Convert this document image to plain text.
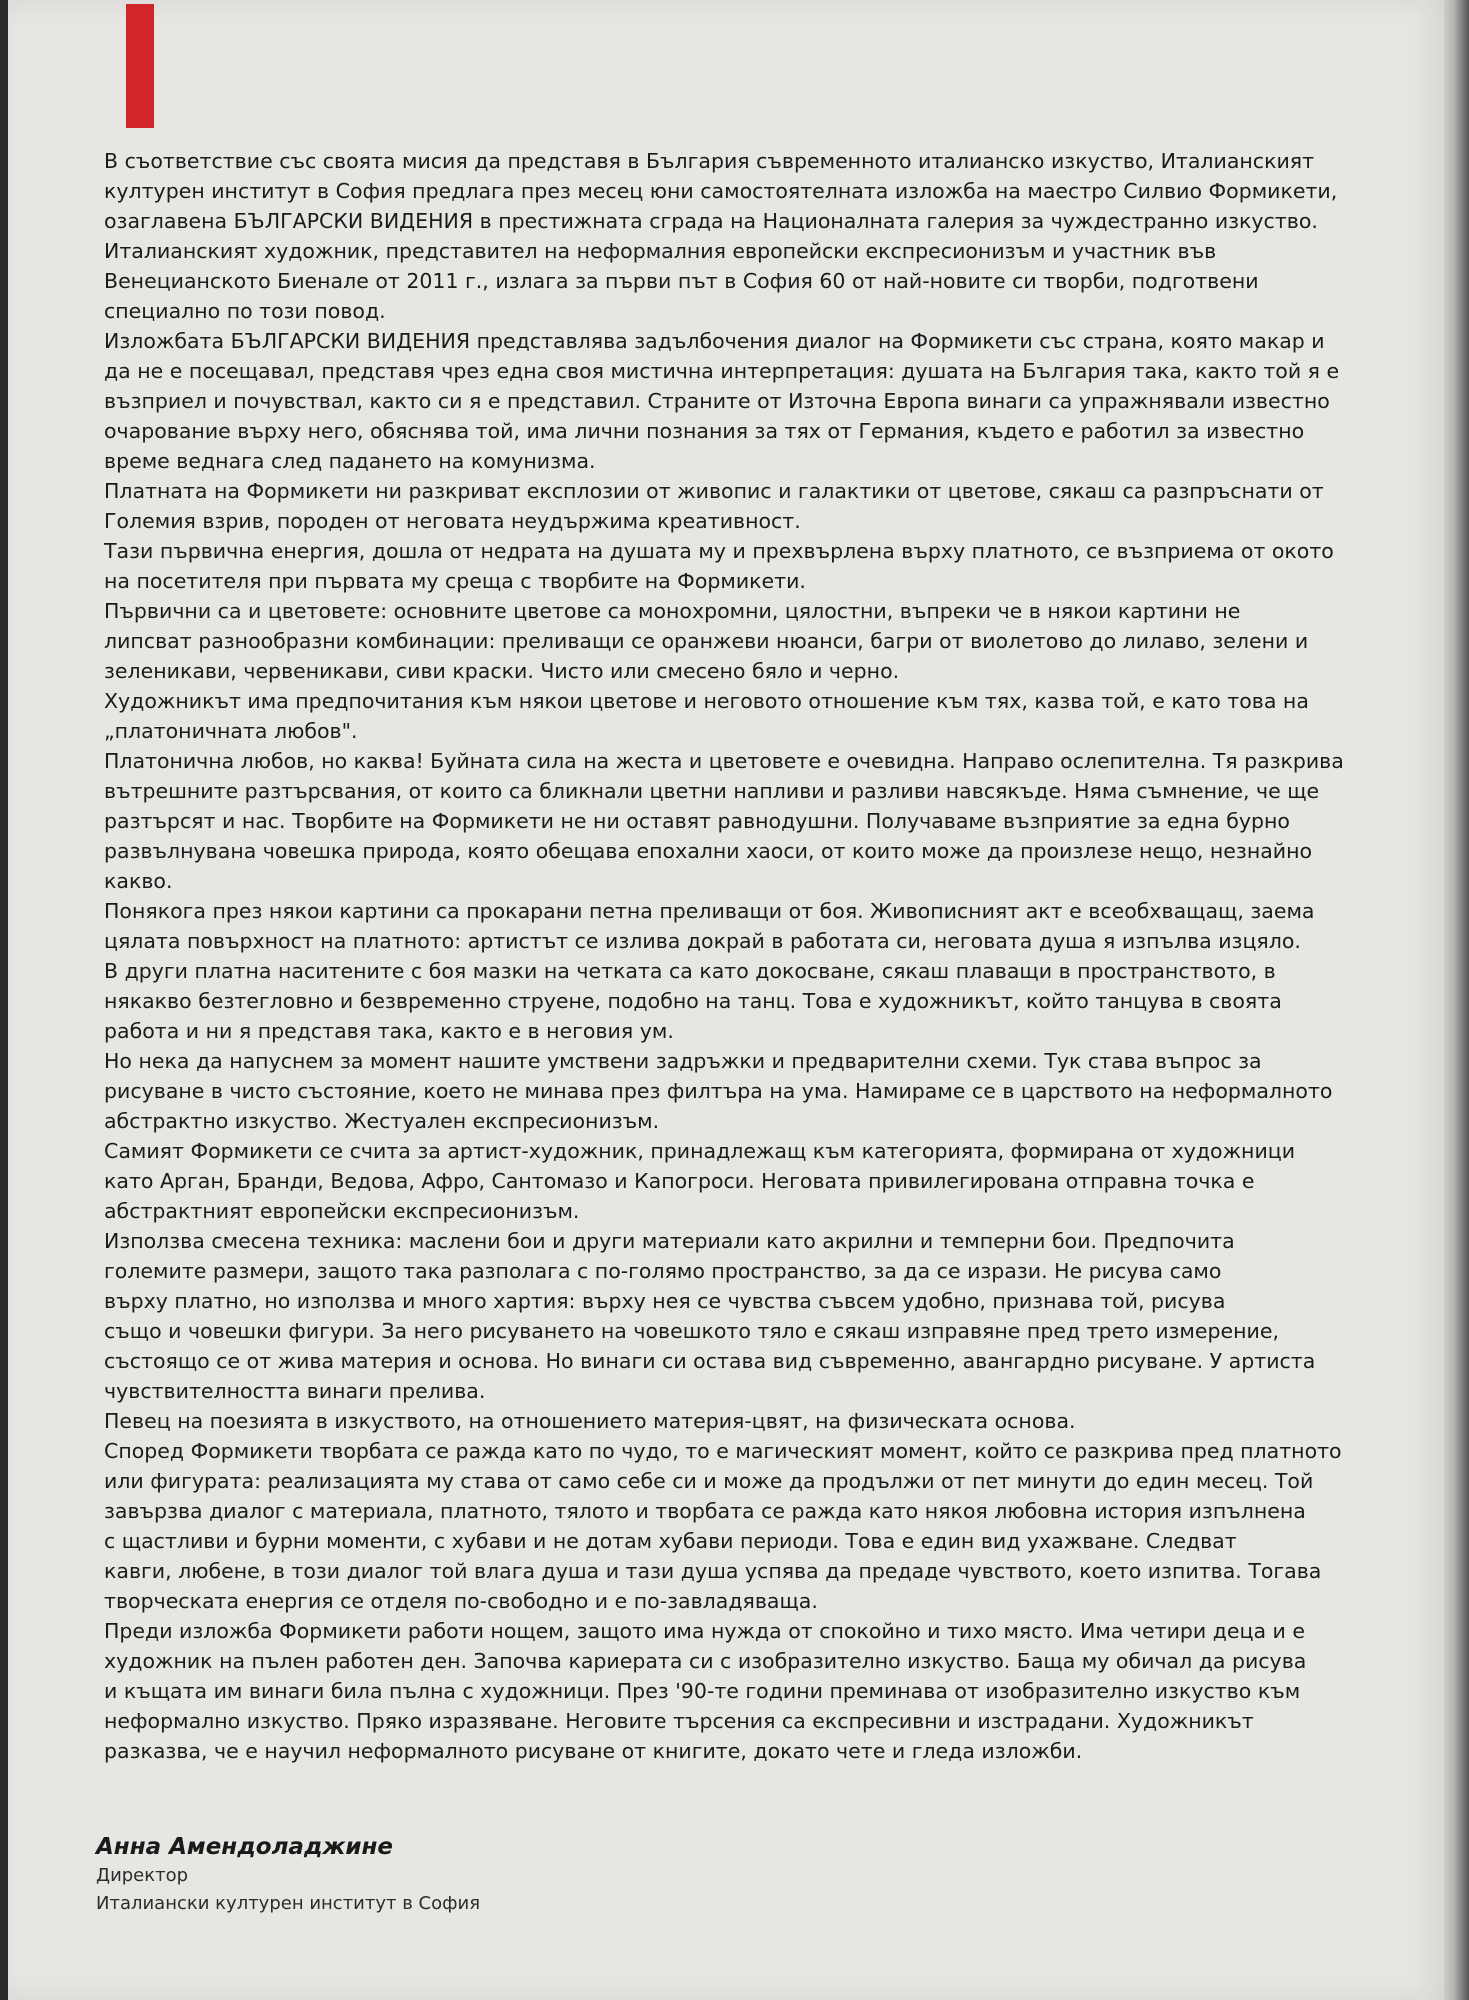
В съответствие със своята мисия да представя в България съвременното италианско изкуство, Италианският
културен институт в София предлага през месец юни самостоятелната изложба на маестро Силвио Формикети,
озаглавена БЪЛГАРСКИ ВИДЕНИЯ в престижната сграда на Националната галерия за чуждестранно изкуство.
Италианският художник, представител на неформалния европейски експресионизъм и участник във
Венецианското Биенале от 2011 г., излага за първи път в София 60 от най-новите си творби, подготвени
специално по този повод.
Изложбата БЪЛГАРСКИ ВИДЕНИЯ представлява задълбочения диалог на Формикети със страна, която макар и
да не е посещавал, представя чрез една своя мистична интерпретация: душата на България така, както той я е
възприел и почувствал, както си я е представил. Страните от Източна Европа винаги са упражнявали известно
очарование върху него, обяснява той, има лични познания за тях от Германия, където е работил за известно
време веднага след падането на комунизма.
Платната на Формикети ни разкриват експлозии от живопис и галактики от цветове, сякаш са разпръснати от
Големия взрив, породен от неговата неудържима креативност.
Тази първична енергия, дошла от недрата на душата му и прехвърлена върху платното, се възприема от окото
на посетителя при първата му среща с творбите на Формикети.
Първични са и цветовете: основните цветове са монохромни, цялостни, въпреки че в някои картини не
липсват разнообразни комбинации: преливащи се оранжеви нюанси, багри от виолетово до лилаво, зелени и
зеленикави, червеникави, сиви краски. Чисто или смесено бяло и черно.
Художникът има предпочитания към някои цветове и неговото отношение към тях, казва той, е като това на
„платоничната любов".
Платонична любов, но каква! Буйната сила на жеста и цветовете е очевидна. Направо ослепителна. Тя разкрива
вътрешните разтърсвания, от които са бликнали цветни напливи и разливи навсякъде. Няма съмнение, че ще
разтърсят и нас. Творбите на Формикети не ни оставят равнодушни. Получаваме възприятие за една бурно
развълнувана човешка природа, която обещава епохални хаоси, от които може да произлезе нещо, незнайно
какво.
Понякога през някои картини са прокарани петна преливащи от боя. Живописният акт е всеобхващащ, заема
цялата повърхност на платното: артистът се излива докрай в работата си, неговата душа я изпълва изцяло.
В други платна наситените с боя мазки на четката са като докосване, сякаш плаващи в пространството, в
някакво безтегловно и безвременно струене, подобно на танц. Това е художникът, който танцува в своята
работа и ни я представя така, както е в неговия ум.
Но нека да напуснем за момент нашите умствени задръжки и предварителни схеми. Тук става въпрос за
рисуване в чисто състояние, което не минава през филтъра на ума. Намираме се в царството на неформалното
абстрактно изкуство. Жестуален експресионизъм.
Самият Формикети се счита за артист-художник, принадлежащ към категорията, формирана от художници
като Арган, Бранди, Ведова, Афро, Сантомазо и Капогроси. Неговата привилегирована отправна точка е
абстрактният европейски експресионизъм.
Използва смесена техника: маслени бои и други материали като акрилни и темперни бои. Предпочита
големите размери, защото така разполага с по-голямо пространство, за да се изрази. Не рисува само
върху платно, но използва и много хартия: върху нея се чувства съвсем удобно, признава той, рисува
също и човешки фигури. За него рисуването на човешкото тяло е сякаш изправяне пред трето измерение,
състоящо се от жива материя и основа. Но винаги си остава вид съвременно, авангардно рисуване. У артиста
чувствителността винаги прелива.
Певец на поезията в изкуството, на отношението материя-цвят, на физическата основа.
Според Формикети творбата се ражда като по чудо, то е магическият момент, който се разкрива пред платното
или фигурата: реализацията му става от само себе си и може да продължи от пет минути до един месец. Той
завързва диалог с материала, платното, тялото и творбата се ражда като някоя любовна история изпълнена
с щастливи и бурни моменти, с хубави и не дотам хубави периоди. Това е един вид ухажване. Следват
кавги, любене, в този диалог той влага душа и тази душа успява да предаде чувството, което изпитва. Тогава
творческата енергия се отделя по-свободно и е по-завладяваща.
Преди изложба Формикети работи нощем, защото има нужда от спокойно и тихо място. Има четири деца и е
художник на пълен работен ден. Започва кариерата си с изобразително изкуство. Баща му обичал да рисува
и къщата им винаги била пълна с художници. През '90-те години преминава от изобразително изкуство към
неформално изкуство. Пряко изразяване. Неговите търсения са експресивни и изстрадани. Художникът
разказва, че е научил неформалното рисуване от книгите, докато чете и гледа изложби.
Анна Амендоладжине
Директор
Италиански културен институт в София
